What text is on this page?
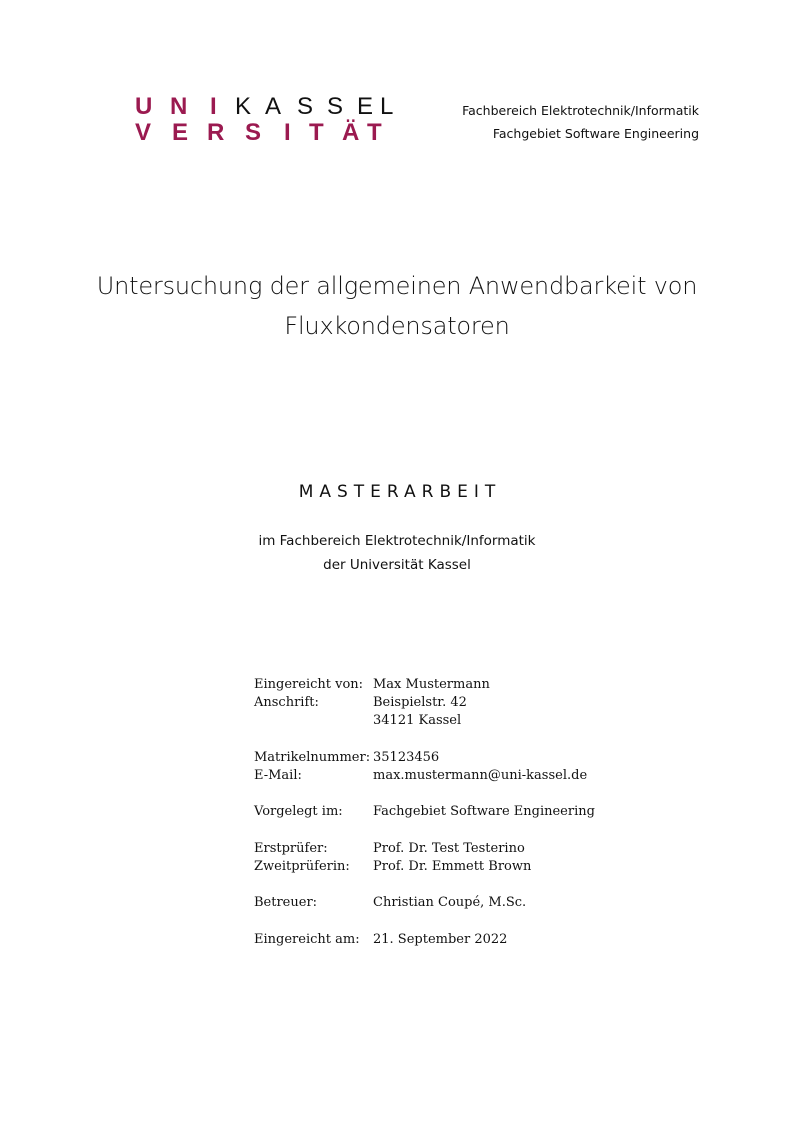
U N I K A S S E L
V E R S I T Ä T
Fachbereich Elektrotechnik/Informatik
Fachgebiet Software Engineering
Untersuchung der allgemeinen Anwendbarkeit von
Fluxkondensatoren
MASTERARBEIT
im Fachbereich Elektrotechnik/Informatik
der Universität Kassel
Eingereicht von: Max Mustermann
Anschrift:	Beispielstr. 42
34121 Kassel
Matrikelnummer: 35123456
E-Mail:	max.mustermann@uni-kassel.de
Vorgelegt im:	Fachgebiet Software Engineering
Erstprüfer:	Prof. Dr. Test Testerino
Zweitprüferin:	Prof. Dr. Emmett Brown
Betreuer:	Christian Coupé, M.Sc.
Eingereicht am:	21. September 2022
